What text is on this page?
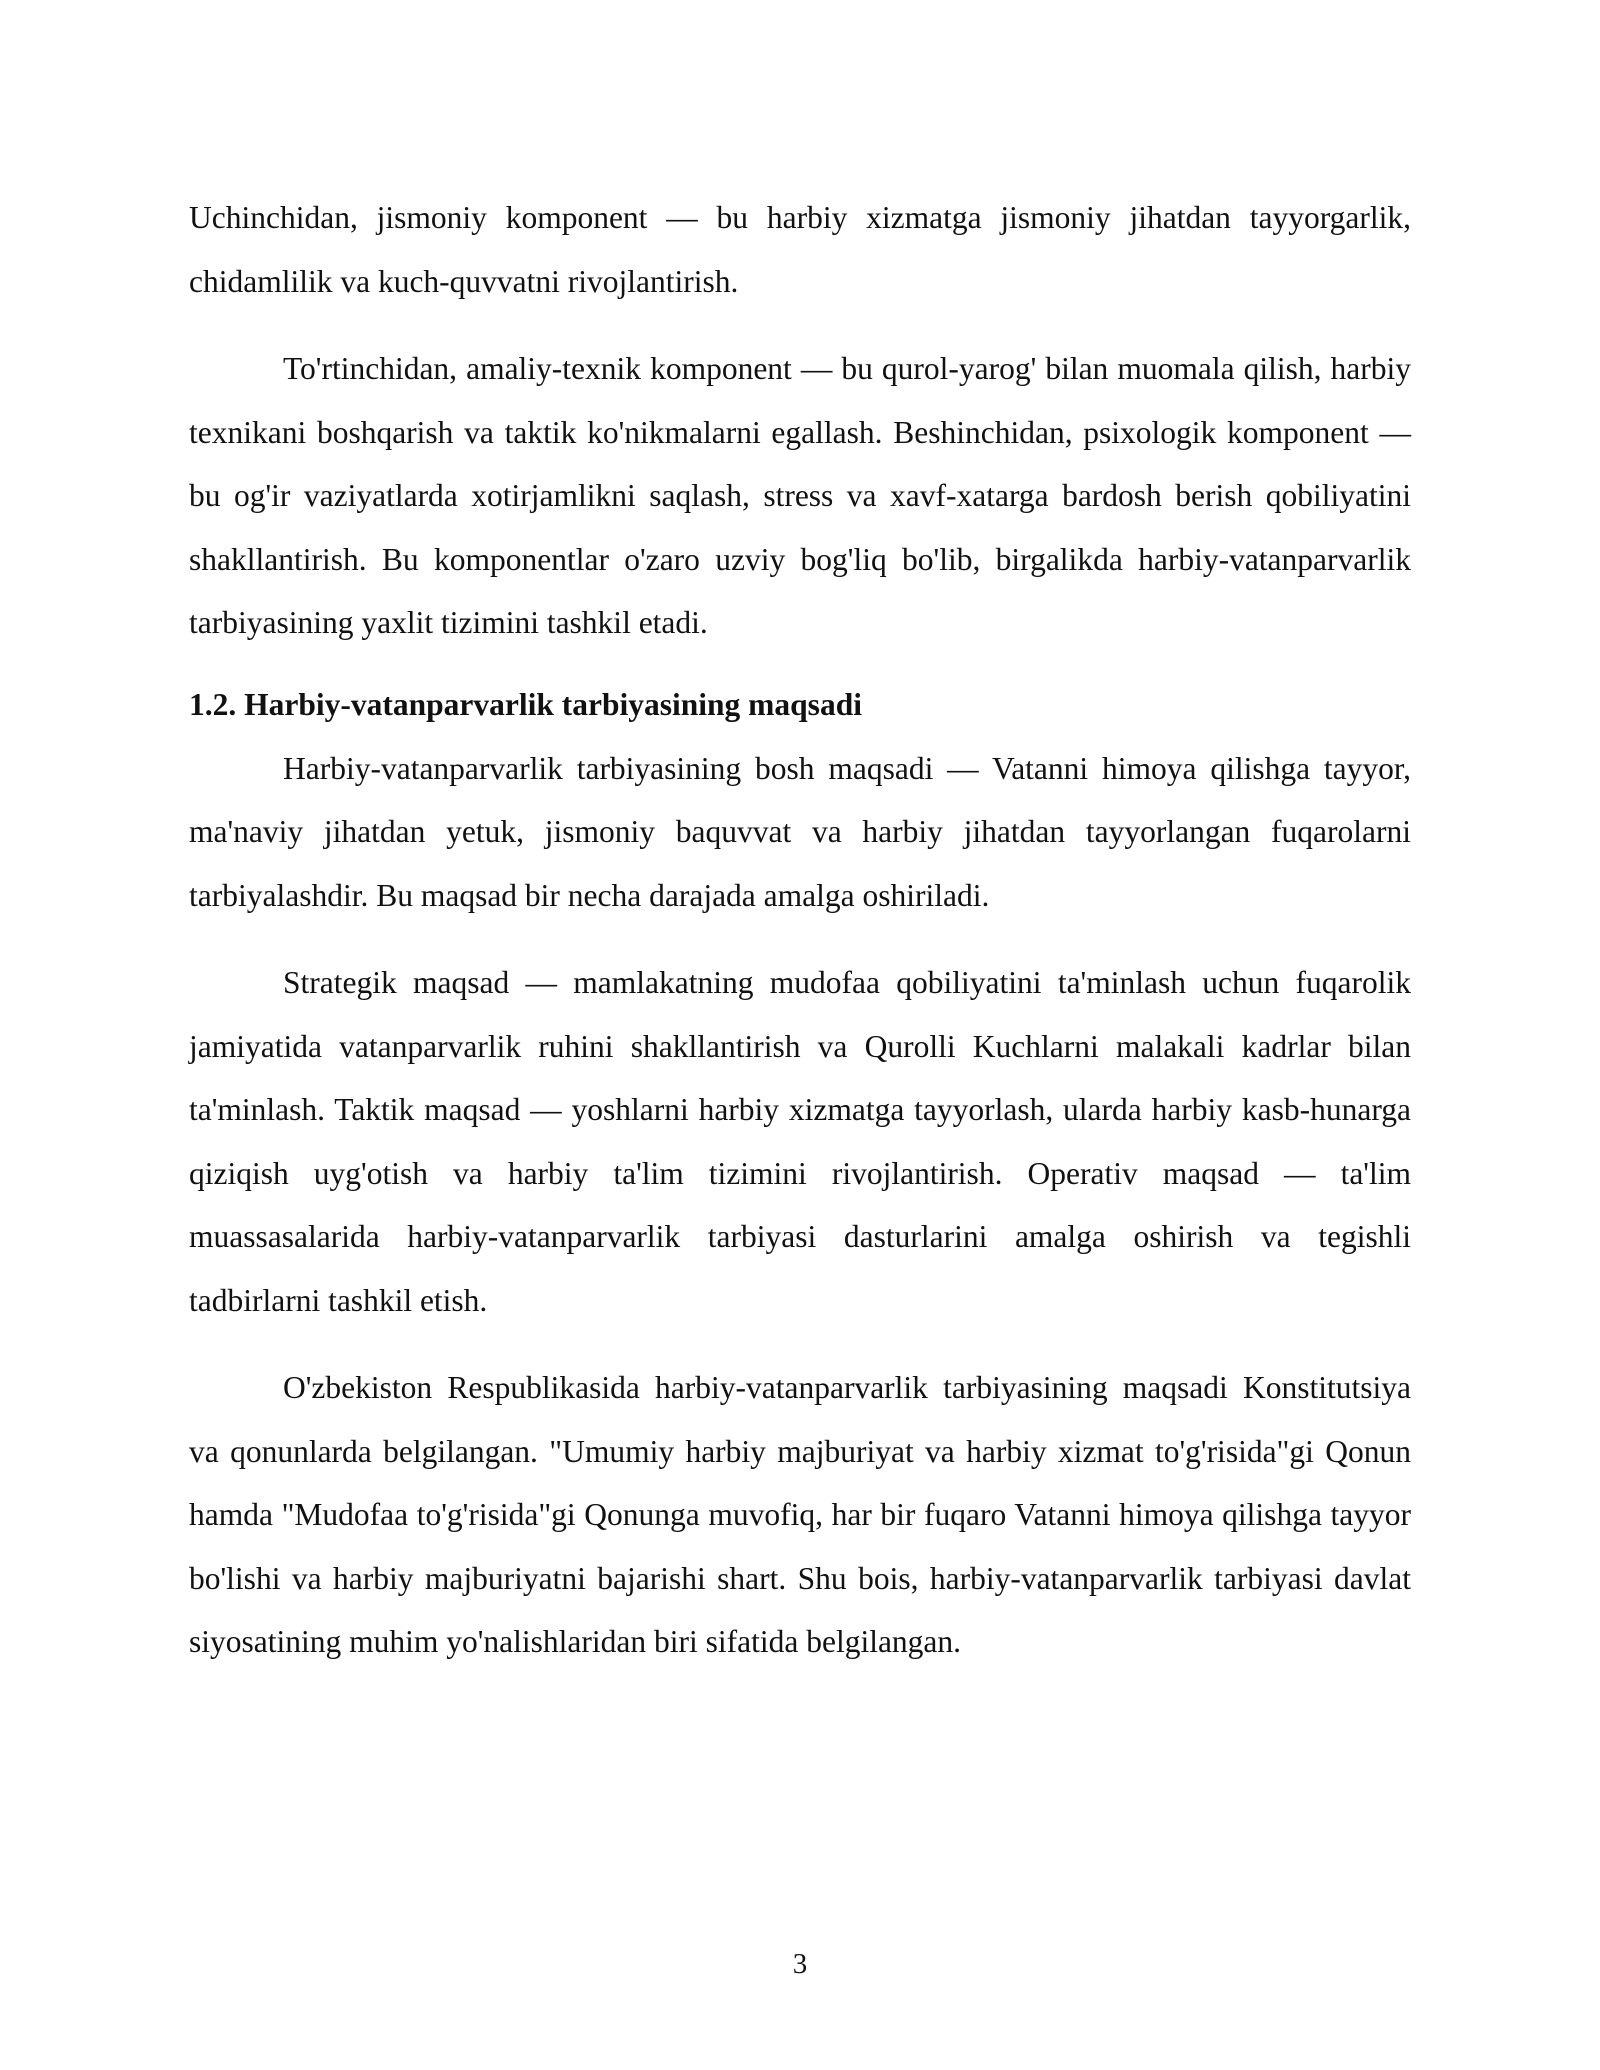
Uchinchidan, jismoniy komponent — bu harbiy xizmatga jismoniy jihatdan tayyorgarlik, chidamlilik va kuch-quvvatni rivojlantirish.

To'rtinchidan, amaliy-texnik komponent — bu qurol-yarog' bilan muomala qilish, harbiy texnikani boshqarish va taktik ko'nikmalarni egallash. Beshinchidan, psixologik komponent — bu og'ir vaziyatlarda xotirjamlikni saqlash, stress va xavf-xatarga bardosh berish qobiliyatini shakllantirish. Bu komponentlar o'zaro uzviy bog'liq bo'lib, birgalikda harbiy-vatanparvarlik tarbiyasining yaxlit tizimini tashkil etadi.

1.2. Harbiy-vatanparvarlik tarbiyasining maqsadi

Harbiy-vatanparvarlik tarbiyasining bosh maqsadi — Vatanni himoya qilishga tayyor, ma'naviy jihatdan yetuk, jismoniy baquvvat va harbiy jihatdan tayyorlangan fuqarolarni tarbiyalashdir. Bu maqsad bir necha darajada amalga oshiriladi.

Strategik maqsad — mamlakatning mudofaa qobiliyatini ta'minlash uchun fuqarolik jamiyatida vatanparvarlik ruhini shakllantirish va Qurolli Kuchlarni malakali kadrlar bilan ta'minlash. Taktik maqsad — yoshlarni harbiy xizmatga tayyorlash, ularda harbiy kasb-hunarga qiziqish uyg'otish va harbiy ta'lim tizimini rivojlantirish. Operativ maqsad — ta'lim muassasalarida harbiy-vatanparvarlik tarbiyasi dasturlarini amalga oshirish va tegishli tadbirlarni tashkil etish.

O'zbekiston Respublikasida harbiy-vatanparvarlik tarbiyasining maqsadi Konstitutsiya va qonunlarda belgilangan. "Umumiy harbiy majburiyat va harbiy xizmat to'g'risida"gi Qonun hamda "Mudofaa to'g'risida"gi Qonunga muvofiq, har bir fuqaro Vatanni himoya qilishga tayyor bo'lishi va harbiy majburiyatni bajarishi shart. Shu bois, harbiy-vatanparvarlik tarbiyasi davlat siyosatining muhim yo'nalishlaridan biri sifatida belgilangan.

3
